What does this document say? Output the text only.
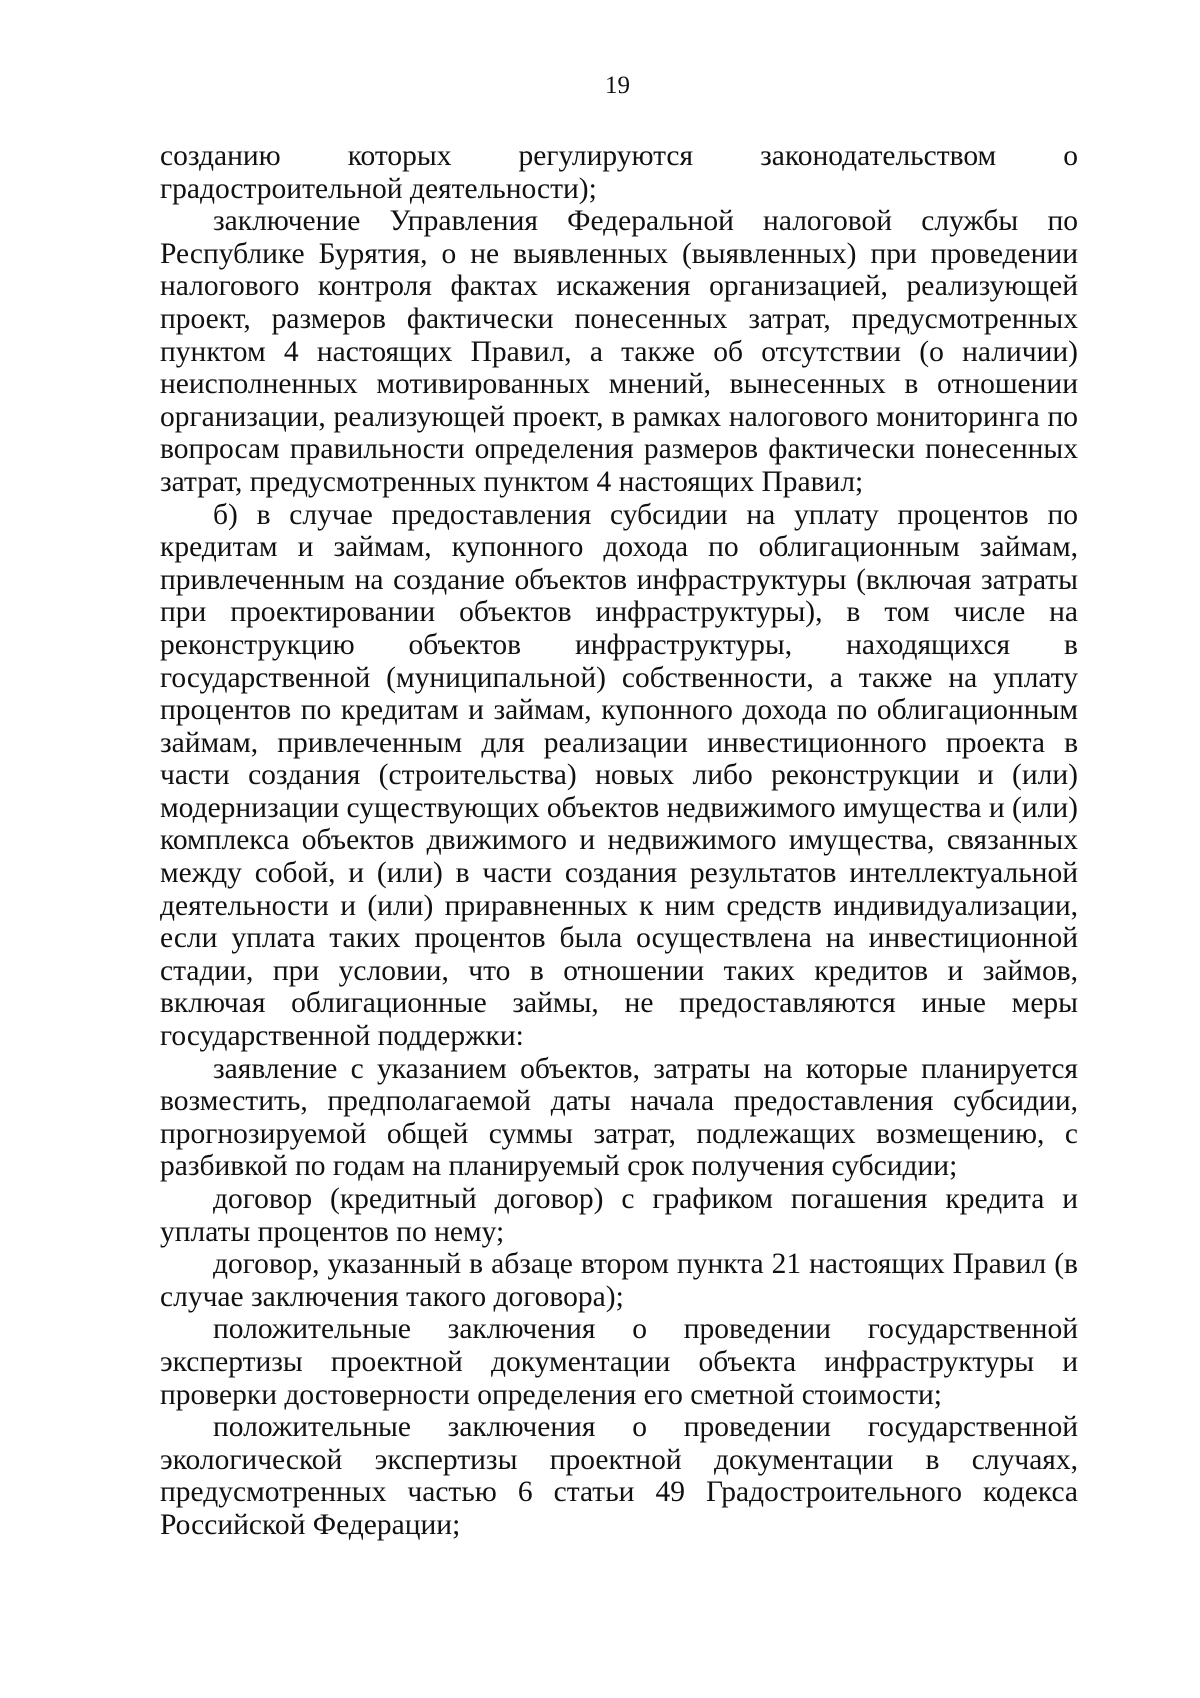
19

созданию которых регулируются законодательством о градостроительной деятельности);

заключение Управления Федеральной налоговой службы по Республике Бурятия, о не выявленных (выявленных) при проведении налогового контроля фактах искажения организацией, реализующей проект, размеров фактически понесенных затрат, предусмотренных пунктом 4 настоящих Правил, а также об отсутствии (о наличии) неисполненных мотивированных мнений, вынесенных в отношении организации, реализующей проект, в рамках налогового мониторинга по вопросам правильности определения размеров фактически понесенных затрат, предусмотренных пунктом 4 настоящих Правил;

б) в случае предоставления субсидии на уплату процентов по кредитам и займам, купонного дохода по облигационным займам, привлеченным на создание объектов инфраструктуры (включая затраты при проектировании объектов инфраструктуры), в том числе на реконструкцию объектов инфраструктуры, находящихся в государственной (муниципальной) собственности, а также на уплату процентов по кредитам и займам, купонного дохода по облигационным займам, привлеченным для реализации инвестиционного проекта в части создания (строительства) новых либо реконструкции и (или) модернизации существующих объектов недвижимого имущества и (или) комплекса объектов движимого и недвижимого имущества, связанных между собой, и (или) в части создания результатов интеллектуальной деятельности и (или) приравненных к ним средств индивидуализации, если уплата таких процентов была осуществлена на инвестиционной стадии, при условии, что в отношении таких кредитов и займов, включая облигационные займы, не предоставляются иные меры государственной поддержки:

заявление с указанием объектов, затраты на которые планируется возместить, предполагаемой даты начала предоставления субсидии, прогнозируемой общей суммы затрат, подлежащих возмещению, с разбивкой по годам на планируемый срок получения субсидии;

договор (кредитный договор) с графиком погашения кредита и уплаты процентов по нему;

договор, указанный в абзаце втором пункта 21 настоящих Правил (в случае заключения такого договора);

положительные заключения о проведении государственной экспертизы проектной документации объекта инфраструктуры и проверки достоверности определения его сметной стоимости;

положительные заключения о проведении государственной экологической экспертизы проектной документации в случаях, предусмотренных частью 6 статьи 49 Градостроительного кодекса Российской Федерации;
